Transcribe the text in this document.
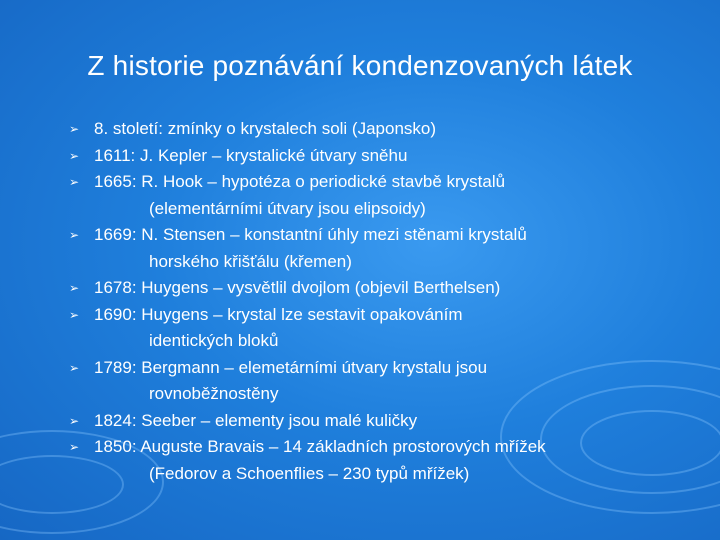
Z historie poznávání kondenzovaných látek
➢ 8. století: zmínky o krystalech soli (Japonsko)
➢ 1611: J. Kepler – krystalické útvary sněhu
➢ 1665: R. Hook – hypotéza o periodické stavbě krystalů
(elementárními útvary jsou elipsoidy)
➢ 1669: N. Stensen – konstantní úhly mezi stěnami krystalů
horského křišťálu (křemen)
➢ 1678: Huygens – vysvětlil dvojlom (objevil Berthelsen)
➢ 1690: Huygens – krystal lze sestavit opakováním
identických bloků
➢ 1789: Bergmann – elemetárními útvary krystalu jsou
rovnoběžnostěny
➢ 1824: Seeber – elementy jsou malé kuličky
➢ 1850: Auguste Bravais – 14 základních prostorových mřížek
(Fedorov a Schoenflies – 230 typů mřížek)
